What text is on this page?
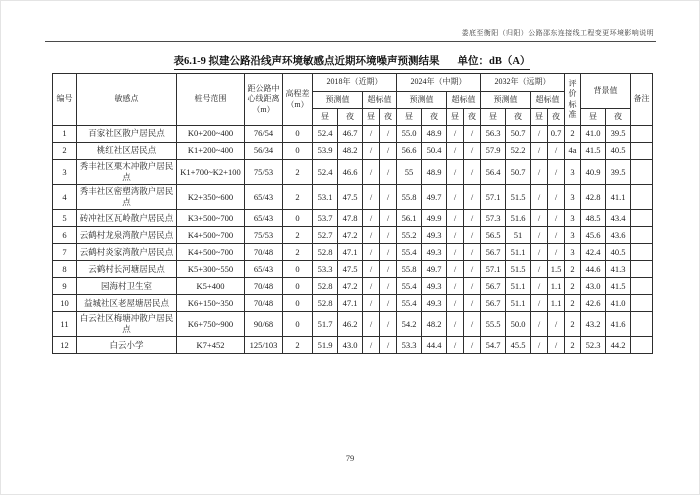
娄底至衡阳（归阳）公路邵东连接线工程变更环境影响说明
表6.1-9 拟建公路沿线声环境敏感点近期环境噪声预测结果 单位：dB（A）
编号	敏感点	桩号范围	距公路中心线距离（m）	高程差（m）	2018年（近期）				2024年（中期）				2032年（远期）				评价标准	背景值		备注
					预测值		超标值		预测值		超标值		预测值		超标值					
					昼	夜	昼	夜	昼	夜	昼	夜	昼	夜	昼	夜		昼	夜	
1	百家社区散户居民点	K0+200~400	76/54	0	52.4	46.7	/	/	55.0	48.9	/	/	56.3	50.7	/	0.7	2	41.0	39.5	
2	桃红社区居民点	K1+200~400	56/34	0	53.9	48.2	/	/	56.6	50.4	/	/	57.9	52.2	/	/	4a	41.5	40.5	
3	秀丰社区栗木冲散户居民点	K1+700~K2+100	75/53	2	52.4	46.6	/	/	55	48.9	/	/	56.4	50.7	/	/	3	40.9	39.5	
4	秀丰社区密塑湾散户居民点	K2+350~600	65/43	2	53.1	47.5	/	/	55.8	49.7	/	/	57.1	51.5	/	/	3	42.8	41.1	
5	砖冲社区瓦岭散户居民点	K3+500~700	65/43	0	53.7	47.8	/	/	56.1	49.9	/	/	57.3	51.6	/	/	3	48.5	43.4	
6	云鹤村龙泉湾散户居民点	K4+500~700	75/53	2	52.7	47.2	/	/	55.2	49.3	/	/	56.5	51	/	/	3	45.6	43.6	
7	云鹤村炎家湾散户居民点	K4+500~700	70/48	2	52.8	47.1	/	/	55.4	49.3	/	/	56.7	51.1	/	/	3	42.4	40.5	
8	云鹤村长河塘居民点	K5+300~550	65/43	0	53.3	47.5	/	/	55.8	49.7	/	/	57.1	51.5	/	1.5	2	44.6	41.3	
9	园海村卫生室	K5+400	70/48	0	52.8	47.2	/	/	55.4	49.3	/	/	56.7	51.1	/	1.1	2	43.0	41.5	
10	益城社区老屋塘居民点	K6+150~350	70/48	0	52.8	47.1	/	/	55.4	49.3	/	/	56.7	51.1	/	1.1	2	42.6	41.0	
11	白云社区梅塘冲散户居民点	K6+750~900	90/68	0	51.7	46.2	/	/	54.2	48.2	/	/	55.5	50.0	/	/	2	43.2	41.6	
12	白云小学	K7+452	125/103	2	51.9	43.0	/	/	53.3	44.4	/	/	54.7	45.5	/	/	2	52.3	44.2	
79
